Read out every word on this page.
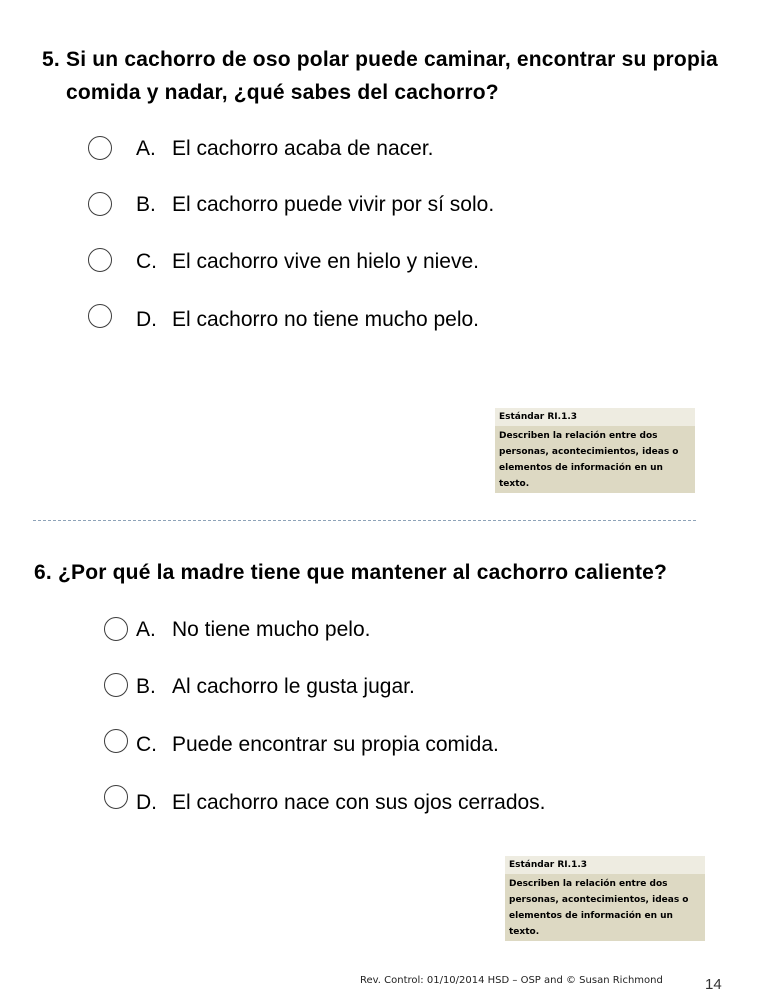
5. Si un cachorro de oso polar puede caminar, encontrar su propia comida y nadar, ¿qué sabes del cachorro?
A. El cachorro acaba de nacer.
B. El cachorro puede vivir por sí solo.
C. El cachorro vive en hielo y nieve.
D. El cachorro no tiene mucho pelo.
Estándar RI.1.3
Describen la relación entre dos personas, acontecimientos, ideas o elementos de información en un texto.
6. ¿Por qué la madre tiene que mantener al cachorro caliente?
A. No tiene mucho pelo.
B. Al cachorro le gusta jugar.
C. Puede encontrar su propia comida.
D. El cachorro nace con sus ojos cerrados.
Estándar RI.1.3
Describen la relación entre dos personas, acontecimientos, ideas o elementos de información en un texto.
Rev. Control: 01/10/2014 HSD – OSP and © Susan Richmond	14
